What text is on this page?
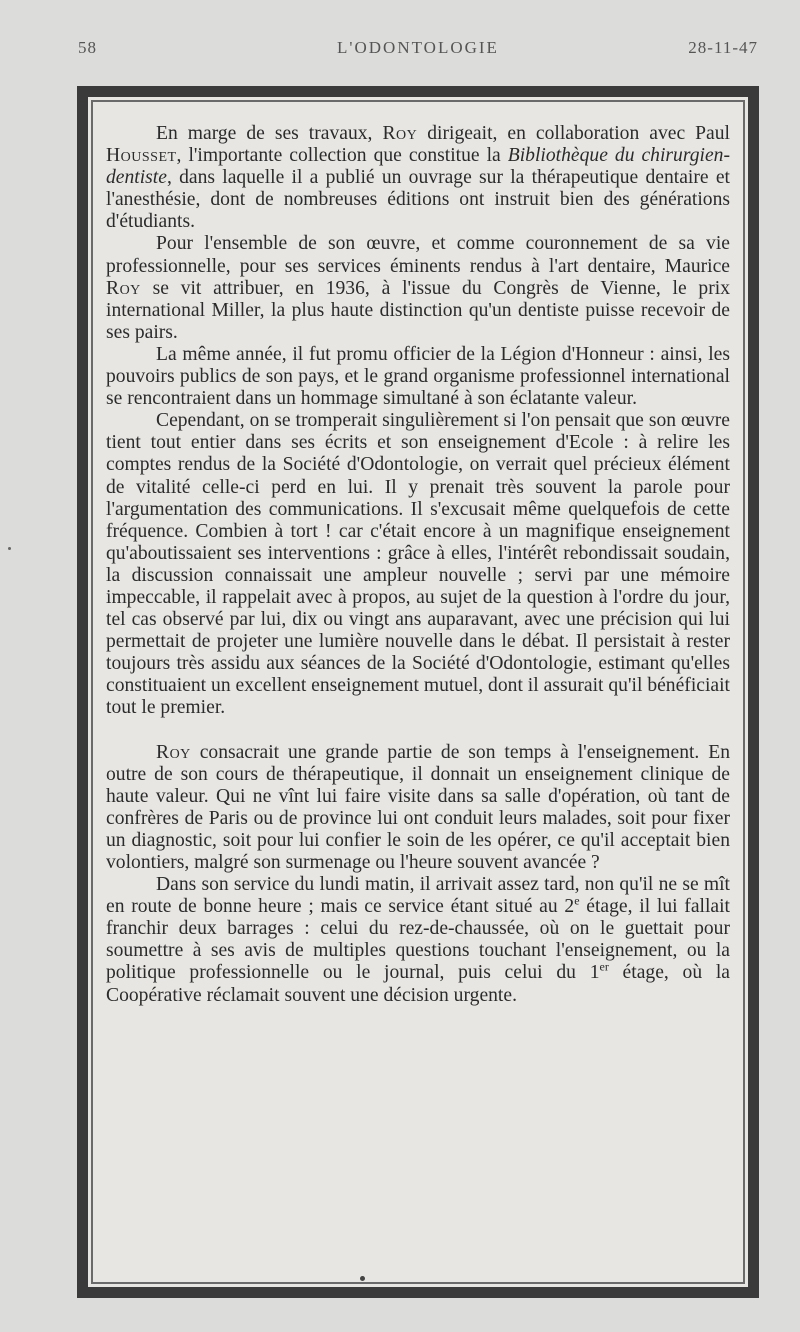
58	L'ODONTOLOGIE	28-11-47

En marge de ses travaux, Roy dirigeait, en collaboration avec Paul Housset, l'importante collection que constitue la Bibliothèque du chirurgien-dentiste, dans laquelle il a publié un ouvrage sur la thérapeutique dentaire et l'anesthésie, dont de nombreuses éditions ont instruit bien des générations d'étudiants.

Pour l'ensemble de son œuvre, et comme couronnement de sa vie professionnelle, pour ses services éminents rendus à l'art dentaire, Maurice Roy se vit attribuer, en 1936, à l'issue du Congrès de Vienne, le prix international Miller, la plus haute distinction qu'un dentiste puisse recevoir de ses pairs.

La même année, il fut promu officier de la Légion d'Honneur : ainsi, les pouvoirs publics de son pays, et le grand organisme professionnel international se rencontraient dans un hommage simultané à son éclatante valeur.

Cependant, on se tromperait singulièrement si l'on pensait que son œuvre tient tout entier dans ses écrits et son enseignement d'Ecole : à relire les comptes rendus de la Société d'Odontologie, on verrait quel précieux élément de vitalité celle-ci perd en lui. Il y prenait très souvent la parole pour l'argumentation des communications. Il s'excusait même quelquefois de cette fréquence. Combien à tort ! car c'était encore à un magnifique enseignement qu'aboutissaient ses interventions : grâce à elles, l'intérêt rebondissait soudain, la discussion connaissait une ampleur nouvelle ; servi par une mémoire impeccable, il rappelait avec à propos, au sujet de la question à l'ordre du jour, tel cas observé par lui, dix ou vingt ans auparavant, avec une précision qui lui permettait de projeter une lumière nouvelle dans le débat. Il persistait à rester toujours très assidu aux séances de la Société d'Odontologie, estimant qu'elles constituaient un excellent enseignement mutuel, dont il assurait qu'il bénéficiait tout le premier.

Roy consacrait une grande partie de son temps à l'enseignement. En outre de son cours de thérapeutique, il donnait un enseignement clinique de haute valeur. Qui ne vînt lui faire visite dans sa salle d'opération, où tant de confrères de Paris ou de province lui ont conduit leurs malades, soit pour fixer un diagnostic, soit pour lui confier le soin de les opérer, ce qu'il acceptait bien volontiers, malgré son surmenage ou l'heure souvent avancée ?

Dans son service du lundi matin, il arrivait assez tard, non qu'il ne se mît en route de bonne heure ; mais ce service étant situé au 2e étage, il lui fallait franchir deux barrages : celui du rez-de-chaussée, où on le guettait pour soumettre à ses avis de multiples questions touchant l'enseignement, ou la politique professionnelle ou le journal, puis celui du 1er étage, où la Coopérative réclamait souvent une décision urgente.
